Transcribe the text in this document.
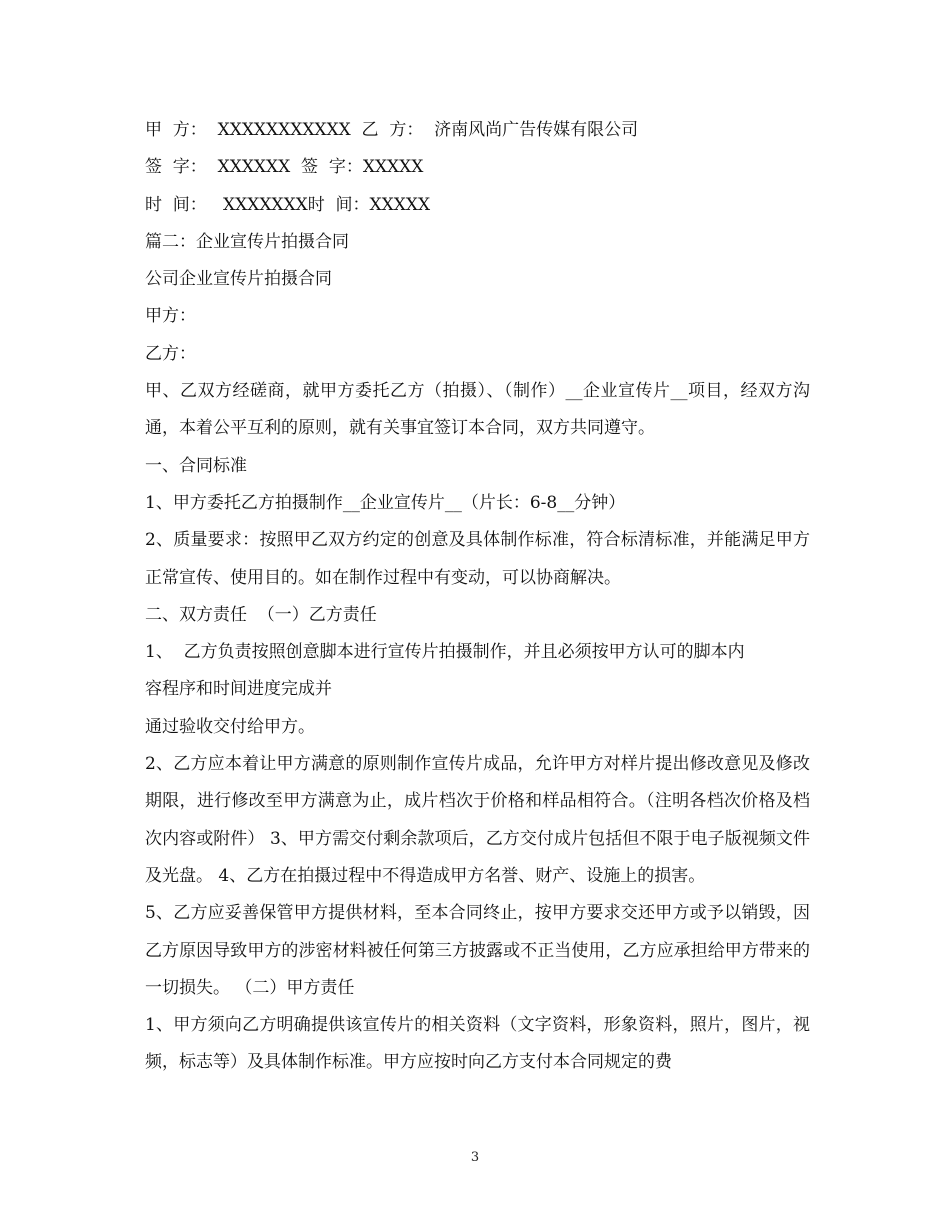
甲  方：  XXXXXXXXXXX  乙  方：  济南风尚广告传媒有限公司
签  字：  XXXXXX  签  字：XXXXX
时  间：   XXXXXXX时  间：XXXXX
篇二：企业宣传片拍摄合同
公司企业宣传片拍摄合同
甲方：
乙方：
甲、乙双方经磋商，就甲方委托乙方（拍摄）、（制作）__企业宣传片__项目，经双方沟通，本着公平互利的原则，就有关事宜签订本合同，双方共同遵守。
一、合同标准
1、甲方委托乙方拍摄制作__企业宣传片__（片长：6-8__分钟）
2、质量要求：按照甲乙双方约定的创意及具体制作标准，符合标清标准，并能满足甲方正常宣传、使用目的。如在制作过程中有变动，可以协商解决。
二、双方责任  （一）乙方责任
1、  乙方负责按照创意脚本进行宣传片拍摄制作，并且必须按甲方认可的脚本内
容程序和时间进度完成并
通过验收交付给甲方。
2、乙方应本着让甲方满意的原则制作宣传片成品，允许甲方对样片提出修改意见及修改期限，进行修改至甲方满意为止，成片档次于价格和样品相符合。（注明各档次价格及档次内容或附件） 3、甲方需交付剩余款项后，乙方交付成片包括但不限于电子版视频文件及光盘。 4、乙方在拍摄过程中不得造成甲方名誉、财产、设施上的损害。
5、乙方应妥善保管甲方提供材料，至本合同终止，按甲方要求交还甲方或予以销毁，因乙方原因导致甲方的涉密材料被任何第三方披露或不正当使用，乙方应承担给甲方带来的一切损失。 （二）甲方责任
1、甲方须向乙方明确提供该宣传片的相关资料（文字资料，形象资料，照片，图片，视频，标志等）及具体制作标准。甲方应按时向乙方支付本合同规定的费
3
